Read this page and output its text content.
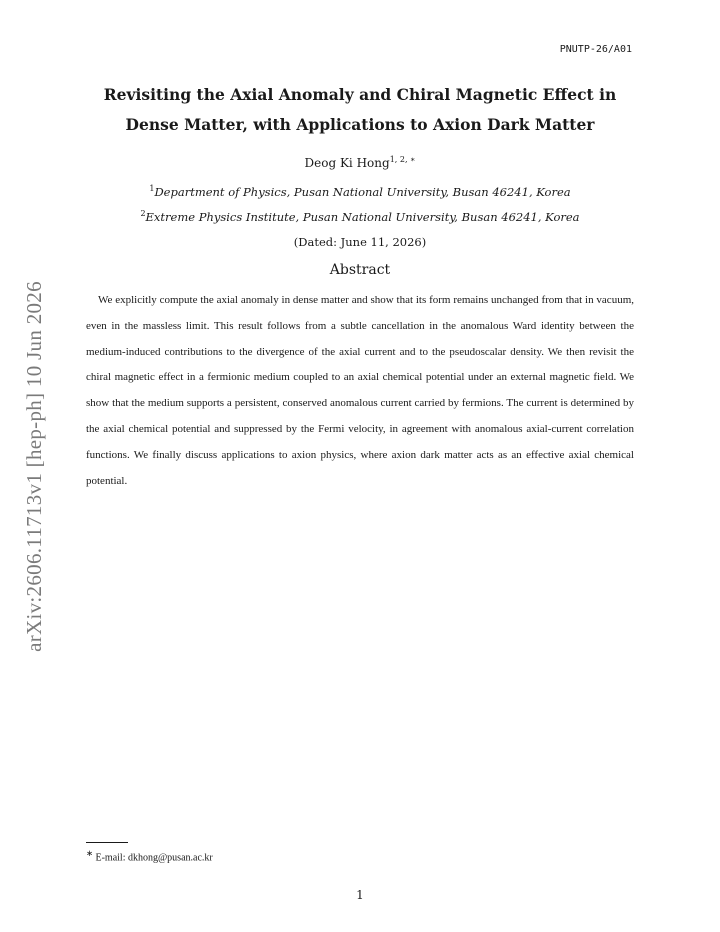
PNUTP-26/A01
arXiv:2606.11713v1 [hep-ph] 10 Jun 2026
Revisiting the Axial Anomaly and Chiral Magnetic Effect in Dense Matter, with Applications to Axion Dark Matter
Deog Ki Hong$^{1, 2, ∗}$
$^1$Department of Physics, Pusan National University, Busan 46241, Korea
$^2$Extreme Physics Institute, Pusan National University, Busan 46241, Korea
(Dated: June 11, 2026)
Abstract

We explicitly compute the axial anomaly in dense matter and show that its form remains unchanged from that in vacuum, even in the massless limit. This result follows from a subtle cancellation in the anomalous Ward identity between the medium-induced contributions to the divergence of the axial current and to the pseudoscalar density. We then revisit the chiral magnetic effect in a fermionic medium coupled to an axial chemical potential under an external magnetic field. We show that the medium supports a persistent, conserved anomalous current carried by fermions. The current is determined by the axial chemical potential and suppressed by the Fermi velocity, in agreement with anomalous axial-current correlation functions. We finally discuss applications to axion physics, where axion dark matter acts as an effective axial chemical potential.

∗ E-mail: dkhong@pusan.ac.kr
1
